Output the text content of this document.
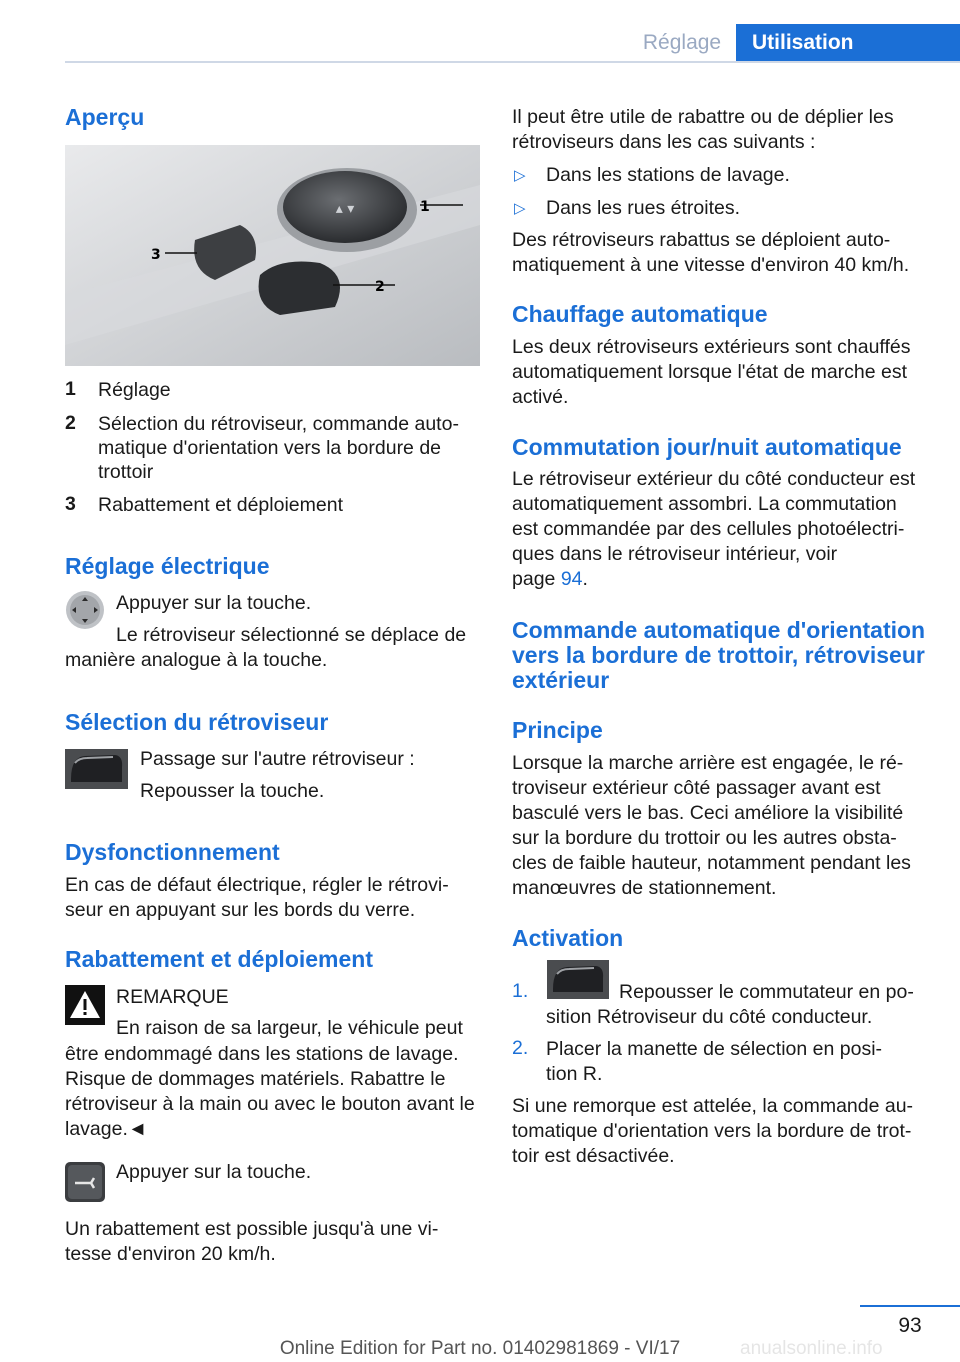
Réglage	Utilisation
Aperçu
▴ ▾	1
2
3
1 Réglage
2 Sélection du rétroviseur, commande auto-
matique d'orientation vers la bordure de
trottoir
3 Rabattement et déploiement
Réglage électrique
Appuyer sur la touche.
Le rétroviseur sélectionné se déplace de
manière analogue à la touche.
Sélection du rétroviseur
Passage sur l'autre rétroviseur :
Repousser la touche.
Dysfonctionnement
En cas de défaut électrique, régler le rétrovi-
seur en appuyant sur les bords du verre.
Rabattement et déploiement
REMARQUE
En raison de sa largeur, le véhicule peut
être endommagé dans les stations de lavage.
Risque de dommages matériels. Rabattre le
rétroviseur à la main ou avec le bouton avant le
lavage.◄
Appuyer sur la touche.
Un rabattement est possible jusqu'à une vi-
tesse d'environ 20 km/h.
Il peut être utile de rabattre ou de déplier les
rétroviseurs dans les cas suivants :
▷ Dans les stations de lavage.
▷ Dans les rues étroites.
Des rétroviseurs rabattus se déploient auto-
matiquement à une vitesse d'environ 40 km/h.
Chauffage automatique
Les deux rétroviseurs extérieurs sont chauffés
automatiquement lorsque l'état de marche est
activé.
Commutation jour/nuit automatique
Le rétroviseur extérieur du côté conducteur est
automatiquement assombri. La commutation
est commandée par des cellules photoélectri-
ques dans le rétroviseur intérieur, voir
page 94.
Commande automatique d'orientation
vers la bordure de trottoir, rétroviseur
extérieur
Principe
Lorsque la marche arrière est engagée, le ré-
troviseur extérieur côté passager avant est
basculé vers le bas. Ceci améliore la visibilité
sur la bordure du trottoir ou les autres obsta-
cles de faible hauteur, notamment pendant les
manœuvres de stationnement.
Activation
1.	Repousser le commutateur en po-
sition Rétroviseur du côté conducteur.
2. Placer la manette de sélection en posi-
tion R.
Si une remorque est attelée, la commande au-
tomatique d'orientation vers la bordure de trot-
toir est désactivée.
93
Online Edition for Part no. 01402981869 - VI/17	anualsonline.info
